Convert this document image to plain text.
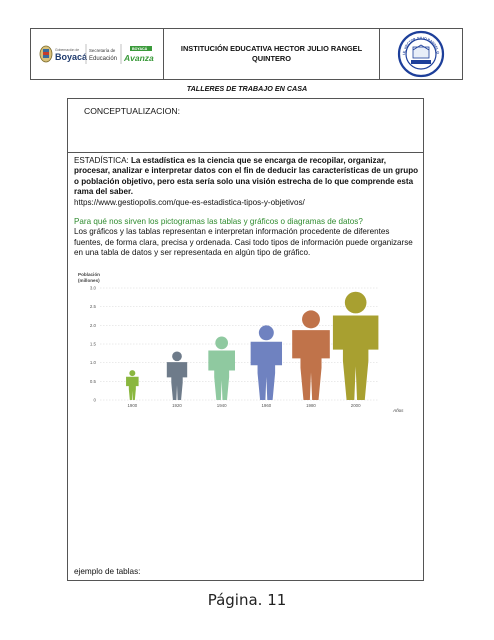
Gobernación de
Boyacá
Secretaría de
Educación
BOYACÁ
Avanza
INSTITUCIÓN EDUCATIVA HECTOR JULIO RANGEL
QUINTERO	I.E. HECTOR JULIO RANGEL Q
TALLERES DE TRABAJO EN CASA
CONCEPTUALIZACION:
ESTADÍSTICA: La estadística es la ciencia que se encarga de recopilar, organizar, procesar, analizar e interpretar datos con el fin de deducir las características de un grupo o población objetivo, pero esta sería solo una visión estrecha de lo que comprende esta rama del saber.
https://www.gestiopolis.com/que-es-estadistica-tipos-y-objetivos/
Para qué nos sirven los pictogramas las tablas y gráficos o diagramas de datos?
Los gráficos y las tablas representan e interpretan información procedente de diferentes fuentes, de forma clara, precisa y ordenada. Casi todo tipos de información puede organizarse en una tabla de datos y ser representada en algún tipo de gráfico.
Población
(millones)
0
0.5
1.0
1.5
2.0
2.5
3.0
1900	1920	1940	1960	1980	2000
Años
ejemplo de tablas:
Página. 11
